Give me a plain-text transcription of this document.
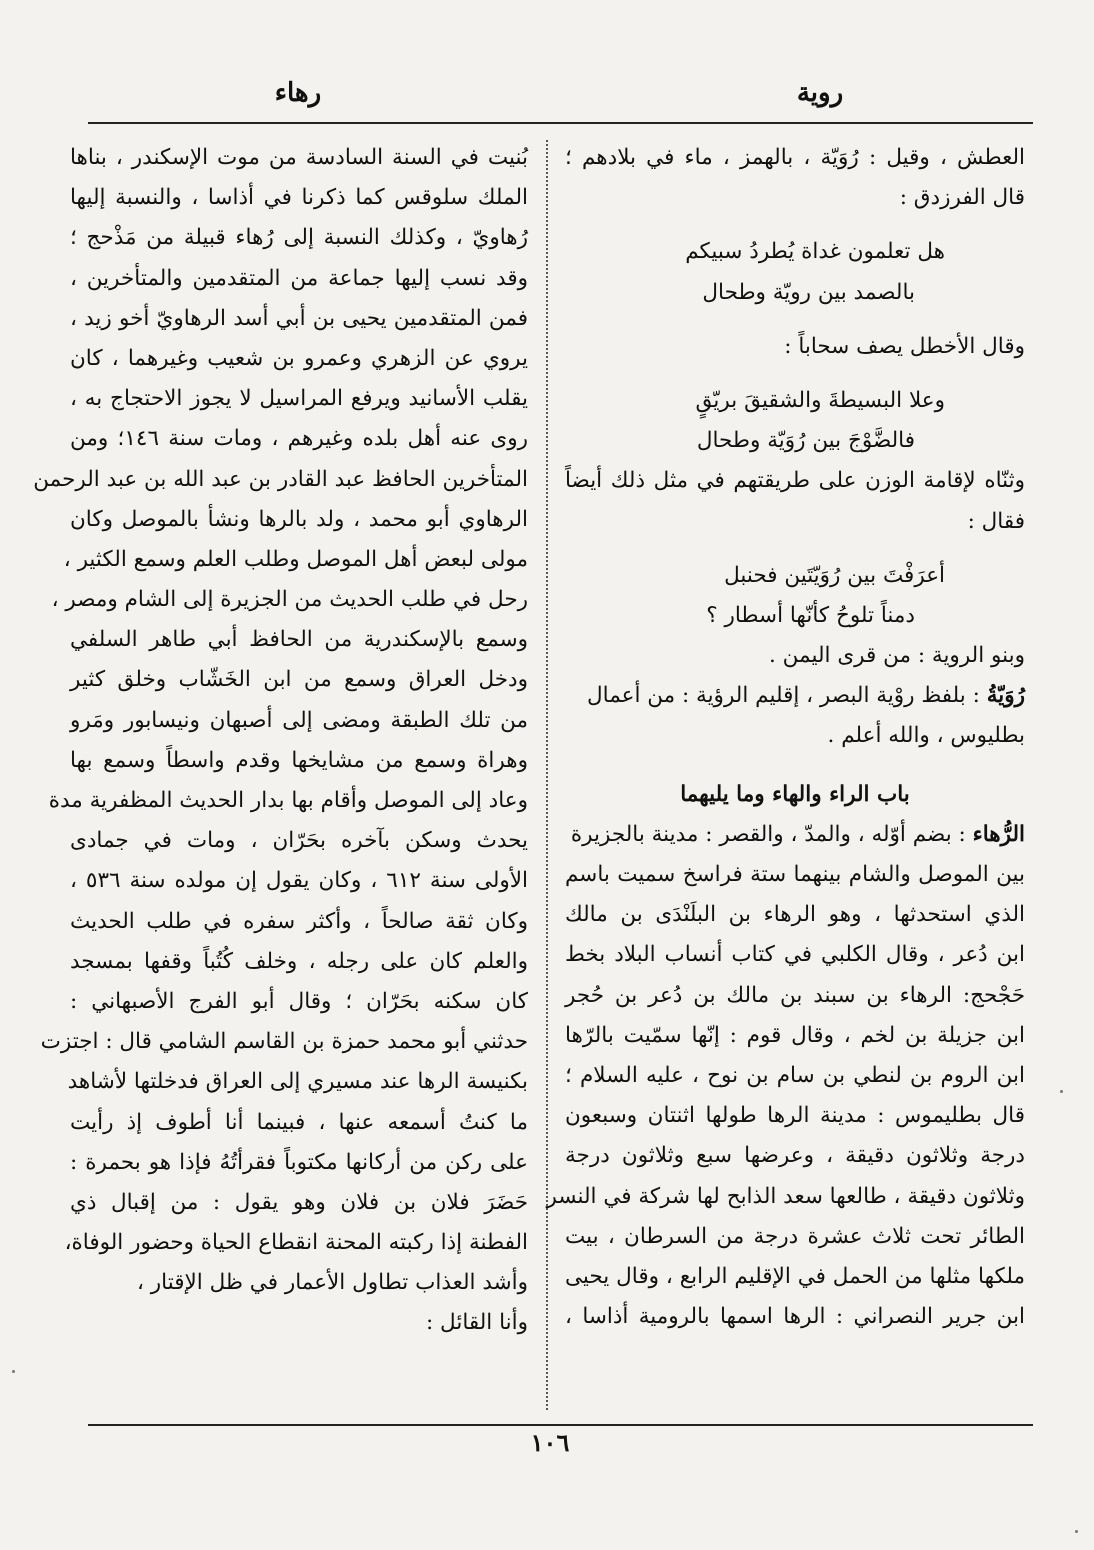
روية
رهاء
العطش ، وقيل : رُوَيّة ، بالهمز ، ماء في بلادهم ؛
قال الفرزدق :
هل تعلمون غداة يُطردُ سبيكم
بالصمد بين رويّة وطحال
وقال الأخطل يصف سحاباً :
وعلا البسيطةَ والشقيقَ بريّقٍ
فالضَّوْجَ بين رُوَيّة وطحال
وثنّاه لإقامة الوزن على طريقتهم في مثل ذلك أيضاً
فقال :
أعرَفْتَ بين رُوَيّتَين فحنبل
دمناً تلوحُ كأنّها أسطار ؟
وبنو الروية : من قرى اليمن .
رُوَيّةُ : بلفظ روْية البصر ، إقليم الرؤية : من أعمال
بطليوس ، والله أعلم .
باب الراء والهاء وما يليهما
الرُّهاء : بضم أوّله ، والمدّ ، والقصر : مدينة بالجزيرة
بين الموصل والشام بينهما ستة فراسخ سميت باسم
الذي استحدثها ، وهو الرهاء بن البلَنْدَى بن مالك
ابن دُعر ، وقال الكلبي في كتاب أنساب البلاد بخط
حَجْحج: الرهاء بن سبند بن مالك بن دُعر بن حُجر
ابن جزيلة بن لخم ، وقال قوم : إنّها سمّيت بالرّها
ابن الروم بن لنطي بن سام بن نوح ، عليه السلام ؛
قال بطليموس : مدينة الرها طولها اثنتان وسبعون
درجة وثلاثون دقيقة ، وعرضها سبع وثلاثون درجة
وثلاثون دقيقة ، طالعها سعد الذابح لها شركة في النسر
الطائر تحت ثلاث عشرة درجة من السرطان ، بيت
ملكها مثلها من الحمل في الإقليم الرابع ، وقال يحيى
ابن جرير النصراني : الرها اسمها بالرومية أذاسا ،
بُنيت في السنة السادسة من موت الإسكندر ، بناها
الملك سلوقس كما ذكرنا في أذاسا ، والنسبة إليها
رُهاويّ ، وكذلك النسبة إلى رُهاء قبيلة من مَذْحج ؛
وقد نسب إليها جماعة من المتقدمين والمتأخرين ،
فمن المتقدمين يحيى بن أبي أسد الرهاويّ أخو زيد ،
يروي عن الزهري وعمرو بن شعيب وغيرهما ، كان
يقلب الأسانيد ويرفع المراسيل لا يجوز الاحتجاج به ،
روى عنه أهل بلده وغيرهم ، ومات سنة ١٤٦؛ ومن
المتأخرين الحافظ عبد القادر بن عبد الله بن عبد الرحمن
الرهاوي أبو محمد ، ولد بالرها ونشأ بالموصل وكان
مولى لبعض أهل الموصل وطلب العلم وسمع الكثير ،
رحل في طلب الحديث من الجزيرة إلى الشام ومصر ،
وسمع بالإسكندرية من الحافظ أبي طاهر السلفي
ودخل العراق وسمع من ابن الخَشّاب وخلق كثير
من تلك الطبقة ومضى إلى أصبهان ونيسابور ومَرو
وهراة وسمع من مشايخها وقدم واسطاً وسمع بها
وعاد إلى الموصل وأقام بها بدار الحديث المظفرية مدة
يحدث وسكن بآخره بحَرّان ، ومات في جمادى
الأولى سنة ٦١٢ ، وكان يقول إن مولده سنة ٥٣٦ ،
وكان ثقة صالحاً ، وأكثر سفره في طلب الحديث
والعلم كان على رجله ، وخلف كُتُباً وقفها بمسجد
كان سكنه بحَرّان ؛ وقال أبو الفرج الأصبهاني :
حدثني أبو محمد حمزة بن القاسم الشامي قال : اجتزت
بكنيسة الرها عند مسيري إلى العراق فدخلتها لأشاهد
ما كنتُ أسمعه عنها ، فبينما أنا أطوف إذ رأيت
على ركن من أركانها مكتوباً فقرأتُهُ فإذا هو بحمرة :
حَضَرَ فلان بن فلان وهو يقول : من إقبال ذي
الفطنة إذا ركبته المحنة انقطاع الحياة وحضور الوفاة،
وأشد العذاب تطاول الأعمار في ظل الإقتار ،
وأنا القائل :
١٠٦
